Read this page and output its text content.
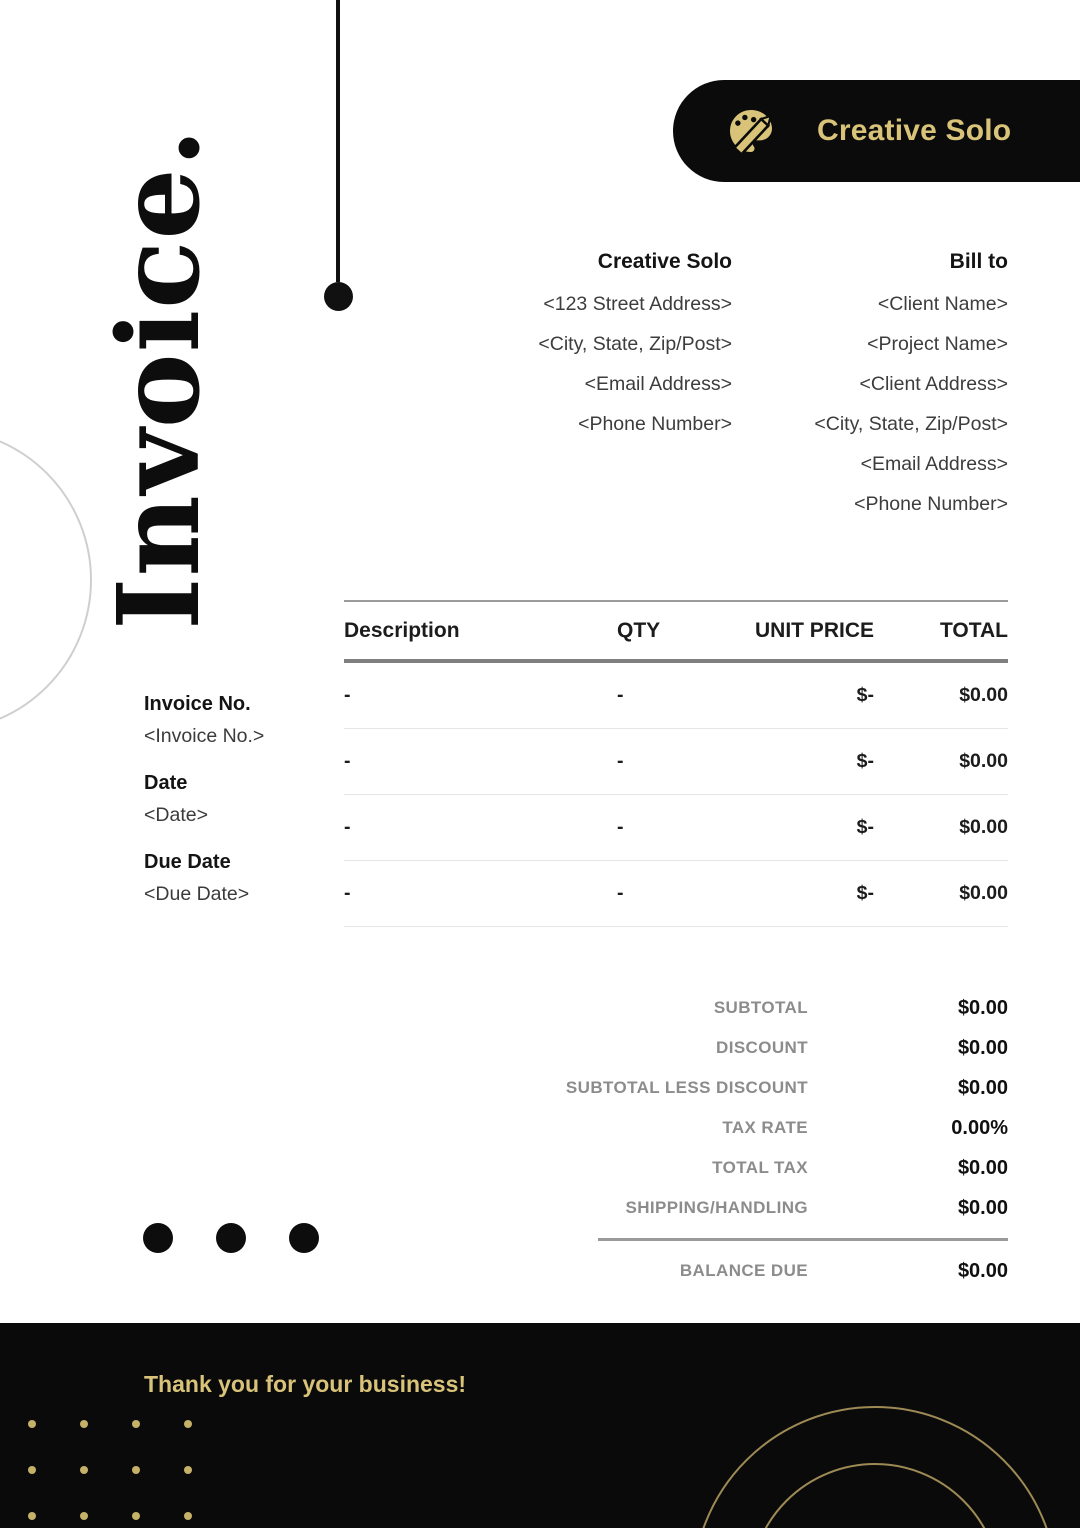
Invoice.	Creative Solo
Creative Solo
<123 Street Address>
<City, State, Zip/Post>
<Email Address>
<Phone Number>
Bill to
<Client Name>
<Project Name>
<Client Address>
<City, State, Zip/Post>
<Email Address>
<Phone Number>
Invoice No.
<Invoice No.>
Date
<Date>
Due Date
<Due Date>
Description	QTY	UNIT PRICE	TOTAL
-	-	$-	$0.00
-	-	$-	$0.00
-	-	$-	$0.00
-	-	$-	$0.00
SUBTOTAL	$0.00
DISCOUNT	$0.00
SUBTOTAL LESS DISCOUNT	$0.00
TAX RATE	0.00%
TOTAL TAX	$0.00
SHIPPING/HANDLING	$0.00
BALANCE DUE	$0.00
Thank you for your business!
